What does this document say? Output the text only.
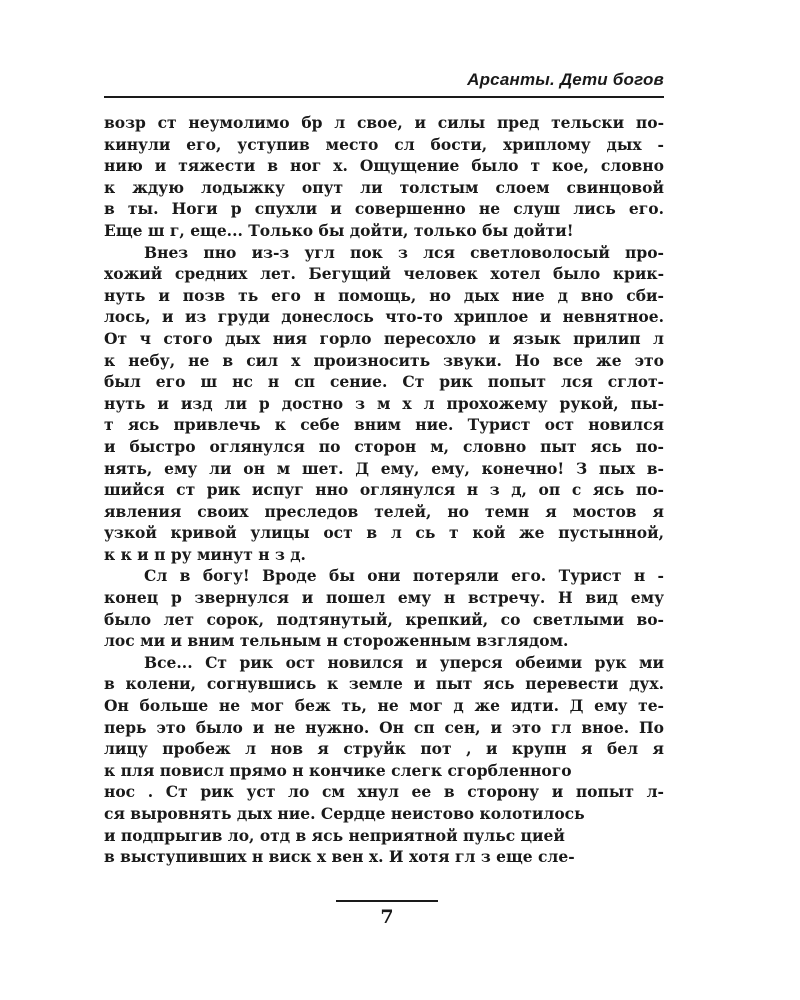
Арсанты. Дети богов
возр ст неумолимо бр л свое, и силы пред тельски по-
кинули его, уступив место сл бости, хриплому дых -
нию и тяжести в ног х. Ощущение было т кое, словно
к ждую лодыжку опут ли толстым слоем свинцовой
в ты. Ноги р спухли и совершенно не слуш лись его.
Еще ш г, еще... Только бы дойти, только бы дойти!
Внез пно из-з угл пок з лся светловолосый про-
хожий средних лет. Бегущий человек хотел было крик-
нуть и позв ть его н помощь, но дых ние д вно сби-
лось, и из груди донеслось что-то хриплое и невнятное.
От ч стого дых ния горло пересохло и язык прилип л
к небу, не в сил х произносить звуки. Но все же это
был его ш нс н сп сение. Ст рик попыт лся сглот-
нуть и изд ли р достно з м х л прохожему рукой, пы-
т ясь привлечь к себе вним ние. Турист ост новился
и быстро оглянулся по сторон м, словно пыт ясь по-
нять, ему ли он м шет. Д ему, ему, конечно! З пых в-
шийся ст рик испуг нно оглянулся н з д, оп с ясь по-
явления своих преследов телей, но темн я мостов я
узкой кривой улицы ост в л сь т кой же пустынной,
к к и п ру минут н з д.
Сл в богу! Вроде бы они потеряли его. Турист н -
конец р звернулся и пошел ему н встречу. Н вид ему
было лет сорок, подтянутый, крепкий, со светлыми во-
лос ми и вним тельным н стороженным взглядом.
Все... Ст рик ост новился и уперся обеими рук ми
в колени, согнувшись к земле и пыт ясь перевести дух.
Он больше не мог беж ть, не мог д же идти. Д ему те-
перь это было и не нужно. Он сп сен, и это гл вное. По
лицу пробеж л нов я струйк пот , и крупн я бел я
к пля повисл прямо н кончике слегк сгорбленного
нос . Ст рик уст ло см хнул ее в сторону и попыт л-
ся выровнять дых ние. Сердце неистово колотилось
и подпрыгив ло, отд в ясь неприятной пульс цией
в выступивших н виск х вен х. И хотя гл з еще сле-
7
